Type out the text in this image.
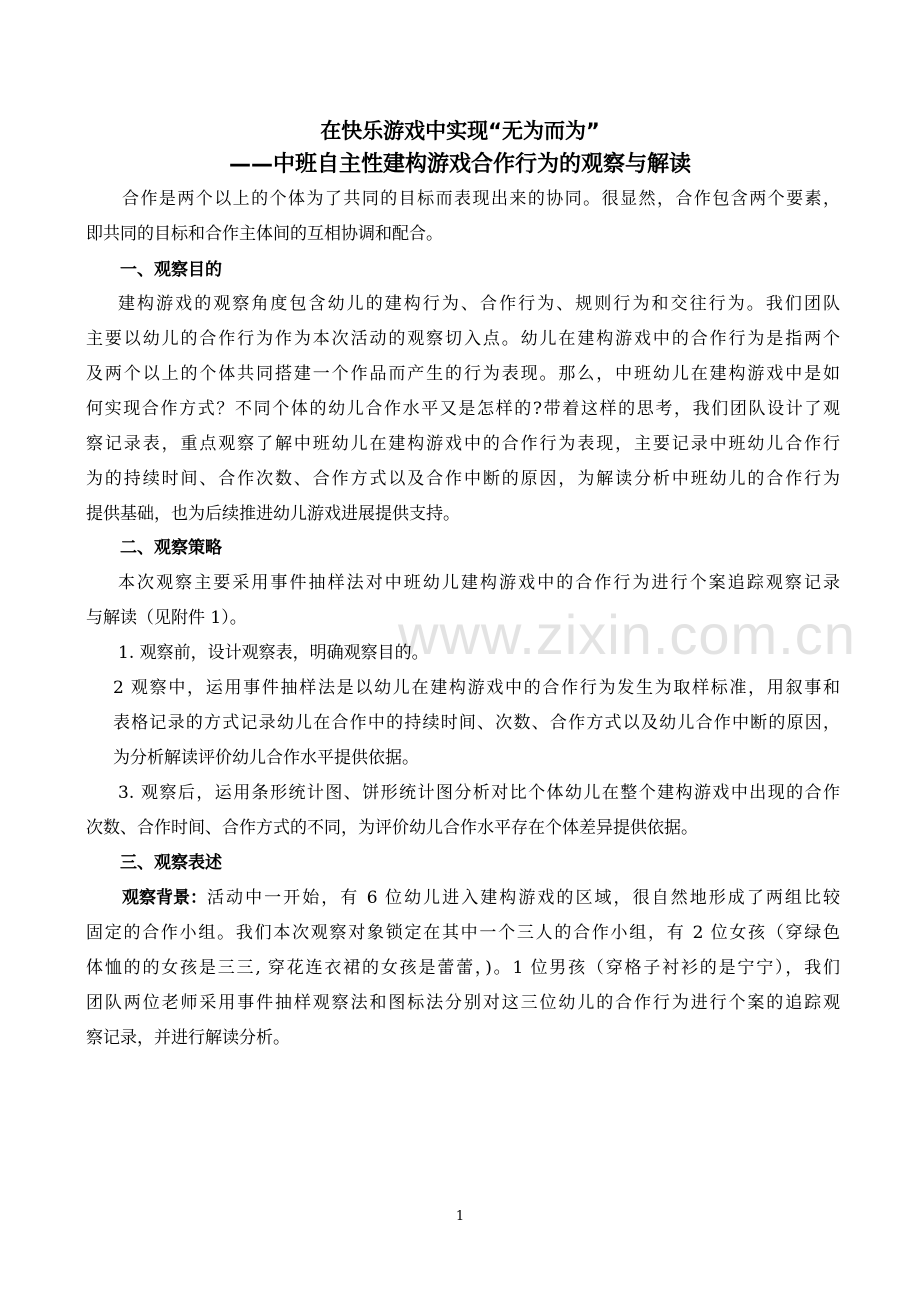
www.zixin.com.cn
在快乐游戏中实现“无为而为”
——中班自主性建构游戏合作行为的观察与解读
合作是两个以上的个体为了共同的目标而表现出来的协同。很显然，合作包含两个要素，
即共同的目标和合作主体间的互相协调和配合。
一、观察目的
建构游戏的观察角度包含幼儿的建构行为、合作行为、规则行为和交往行为。我们团队
主要以幼儿的合作行为作为本次活动的观察切入点。幼儿在建构游戏中的合作行为是指两个
及两个以上的个体共同搭建一个作品而产生的行为表现。那么，中班幼儿在建构游戏中是如
何实现合作方式？不同个体的幼儿合作水平又是怎样的?带着这样的思考，我们团队设计了观
察记录表，重点观察了解中班幼儿在建构游戏中的合作行为表现，主要记录中班幼儿合作行
为的持续时间、合作次数、合作方式以及合作中断的原因，为解读分析中班幼儿的合作行为
提供基础，也为后续推进幼儿游戏进展提供支持。
二、观察策略
本次观察主要采用事件抽样法对中班幼儿建构游戏中的合作行为进行个案追踪观察记录
与解读（见附件 1）。
1. 观察前，设计观察表，明确观察目的。
2 观察中，运用事件抽样法是以幼儿在建构游戏中的合作行为发生为取样标准，用叙事和
表格记录的方式记录幼儿在合作中的持续时间、次数、合作方式以及幼儿合作中断的原因，
为分析解读评价幼儿合作水平提供依据。
3. 观察后，运用条形统计图、饼形统计图分析对比个体幼儿在整个建构游戏中出现的合作
次数、合作时间、合作方式的不同，为评价幼儿合作水平存在个体差异提供依据。
三、观察表述
观察背景： 活动中一开始，有 6 位幼儿进入建构游戏的区域，很自然地形成了两组比较
固定的合作小组。我们本次观察对象锁定在其中一个三人的合作小组，有 2 位女孩（穿绿色
体恤的的女孩是三三, 穿花连衣裙的女孩是蕾蕾，)。1 位男孩（穿格子衬衫的是宁宁），我们
团队两位老师采用事件抽样观察法和图标法分别对这三位幼儿的合作行为进行个案的追踪观
察记录，并进行解读分析。
1
